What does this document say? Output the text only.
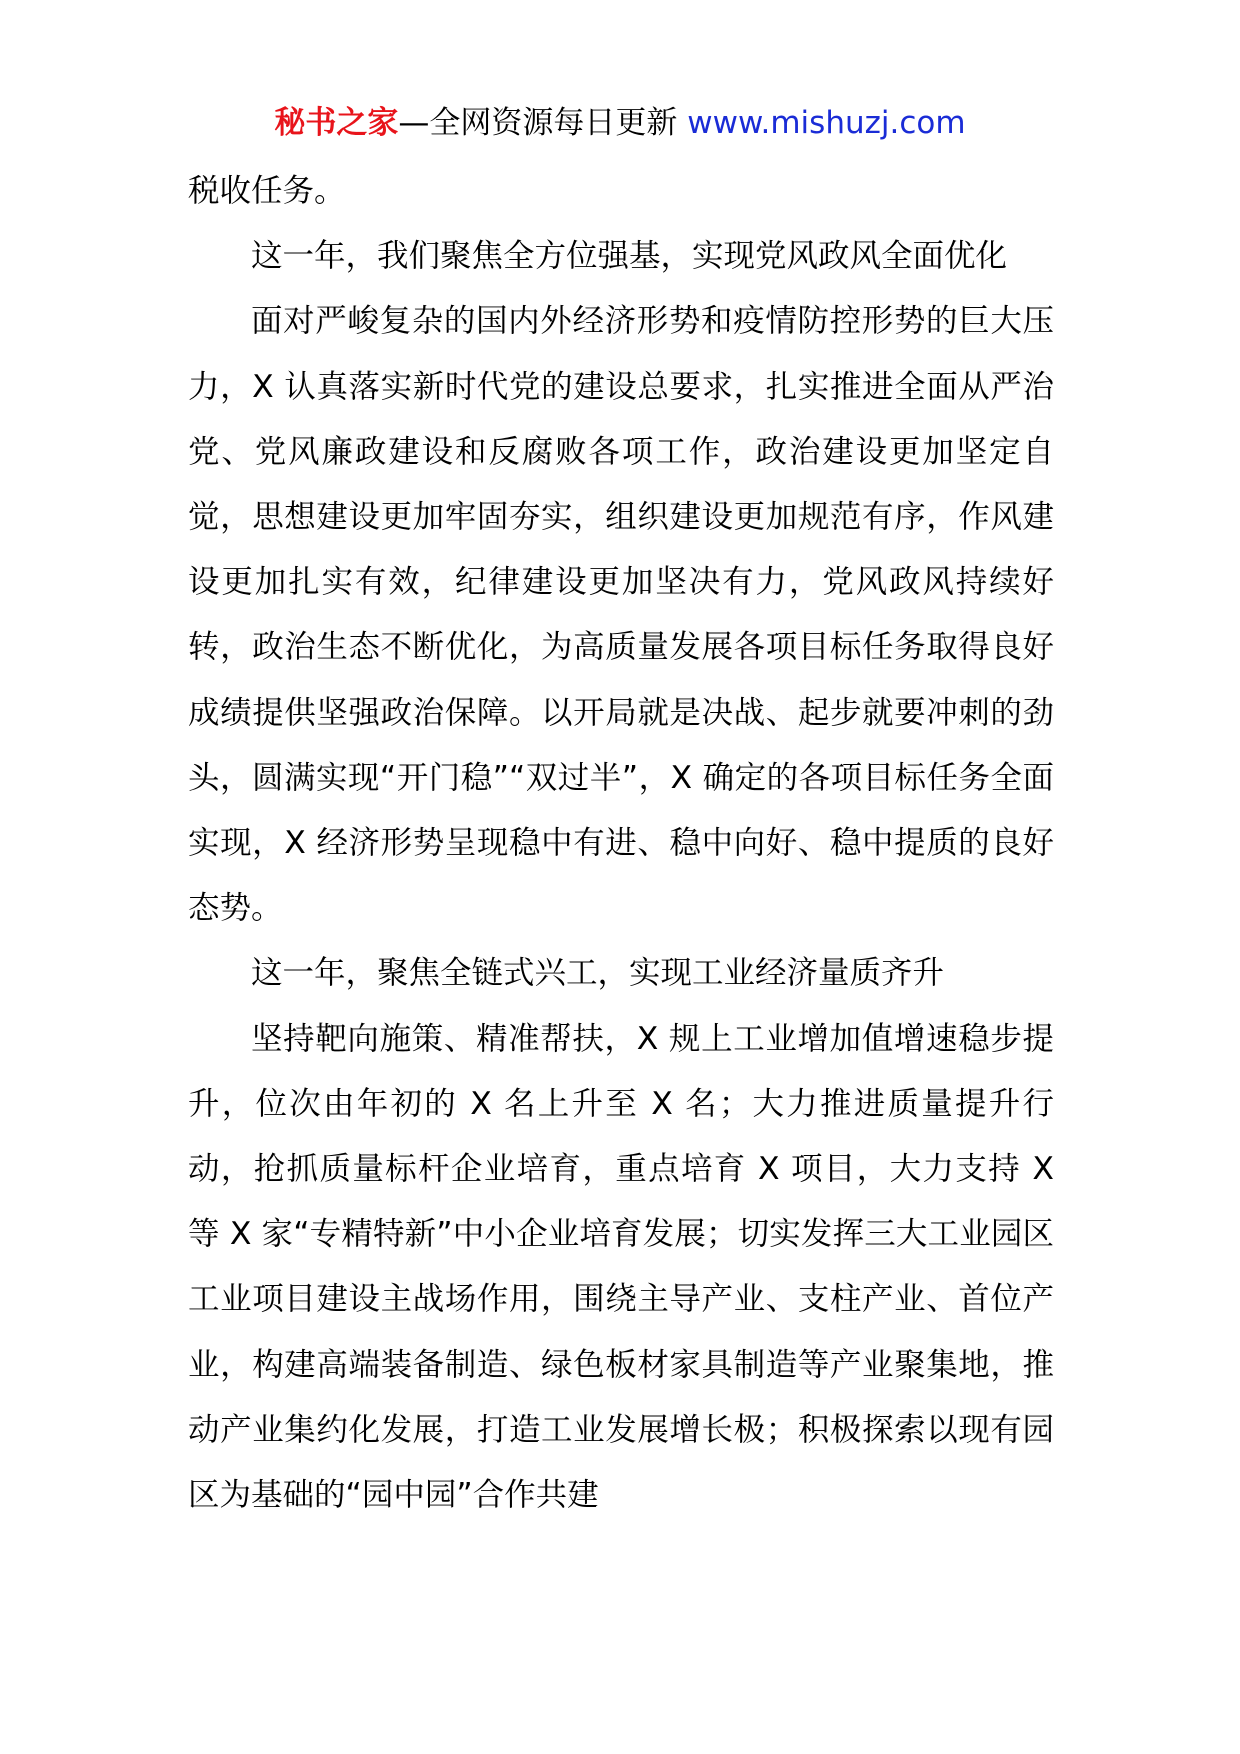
秘书之家—全网资源每日更新 www.mishuzj.com

税收任务。

这一年，我们聚焦全方位强基，实现党风政风全面优化

面对严峻复杂的国内外经济形势和疫情防控形势的巨大压力，X 认真落实新时代党的建设总要求，扎实推进全面从严治党、党风廉政建设和反腐败各项工作，政治建设更加坚定自觉，思想建设更加牢固夯实，组织建设更加规范有序，作风建设更加扎实有效，纪律建设更加坚决有力，党风政风持续好转，政治生态不断优化，为高质量发展各项目标任务取得良好成绩提供坚强政治保障。以开局就是决战、起步就要冲刺的劲头，圆满实现“开门稳”“双过半”，X 确定的各项目标任务全面实现，X 经济形势呈现稳中有进、稳中向好、稳中提质的良好态势。

这一年，聚焦全链式兴工，实现工业经济量质齐升

坚持靶向施策、精准帮扶，X 规上工业增加值增速稳步提升，位次由年初的 X 名上升至 X 名；大力推进质量提升行动，抢抓质量标杆企业培育，重点培育 X 项目，大力支持 X 等 X 家“专精特新”中小企业培育发展；切实发挥三大工业园区工业项目建设主战场作用，围绕主导产业、支柱产业、首位产业，构建高端装备制造、绿色板材家具制造等产业聚集地，推动产业集约化发展，打造工业发展增长极；积极探索以现有园区为基础的“园中园”合作共建
